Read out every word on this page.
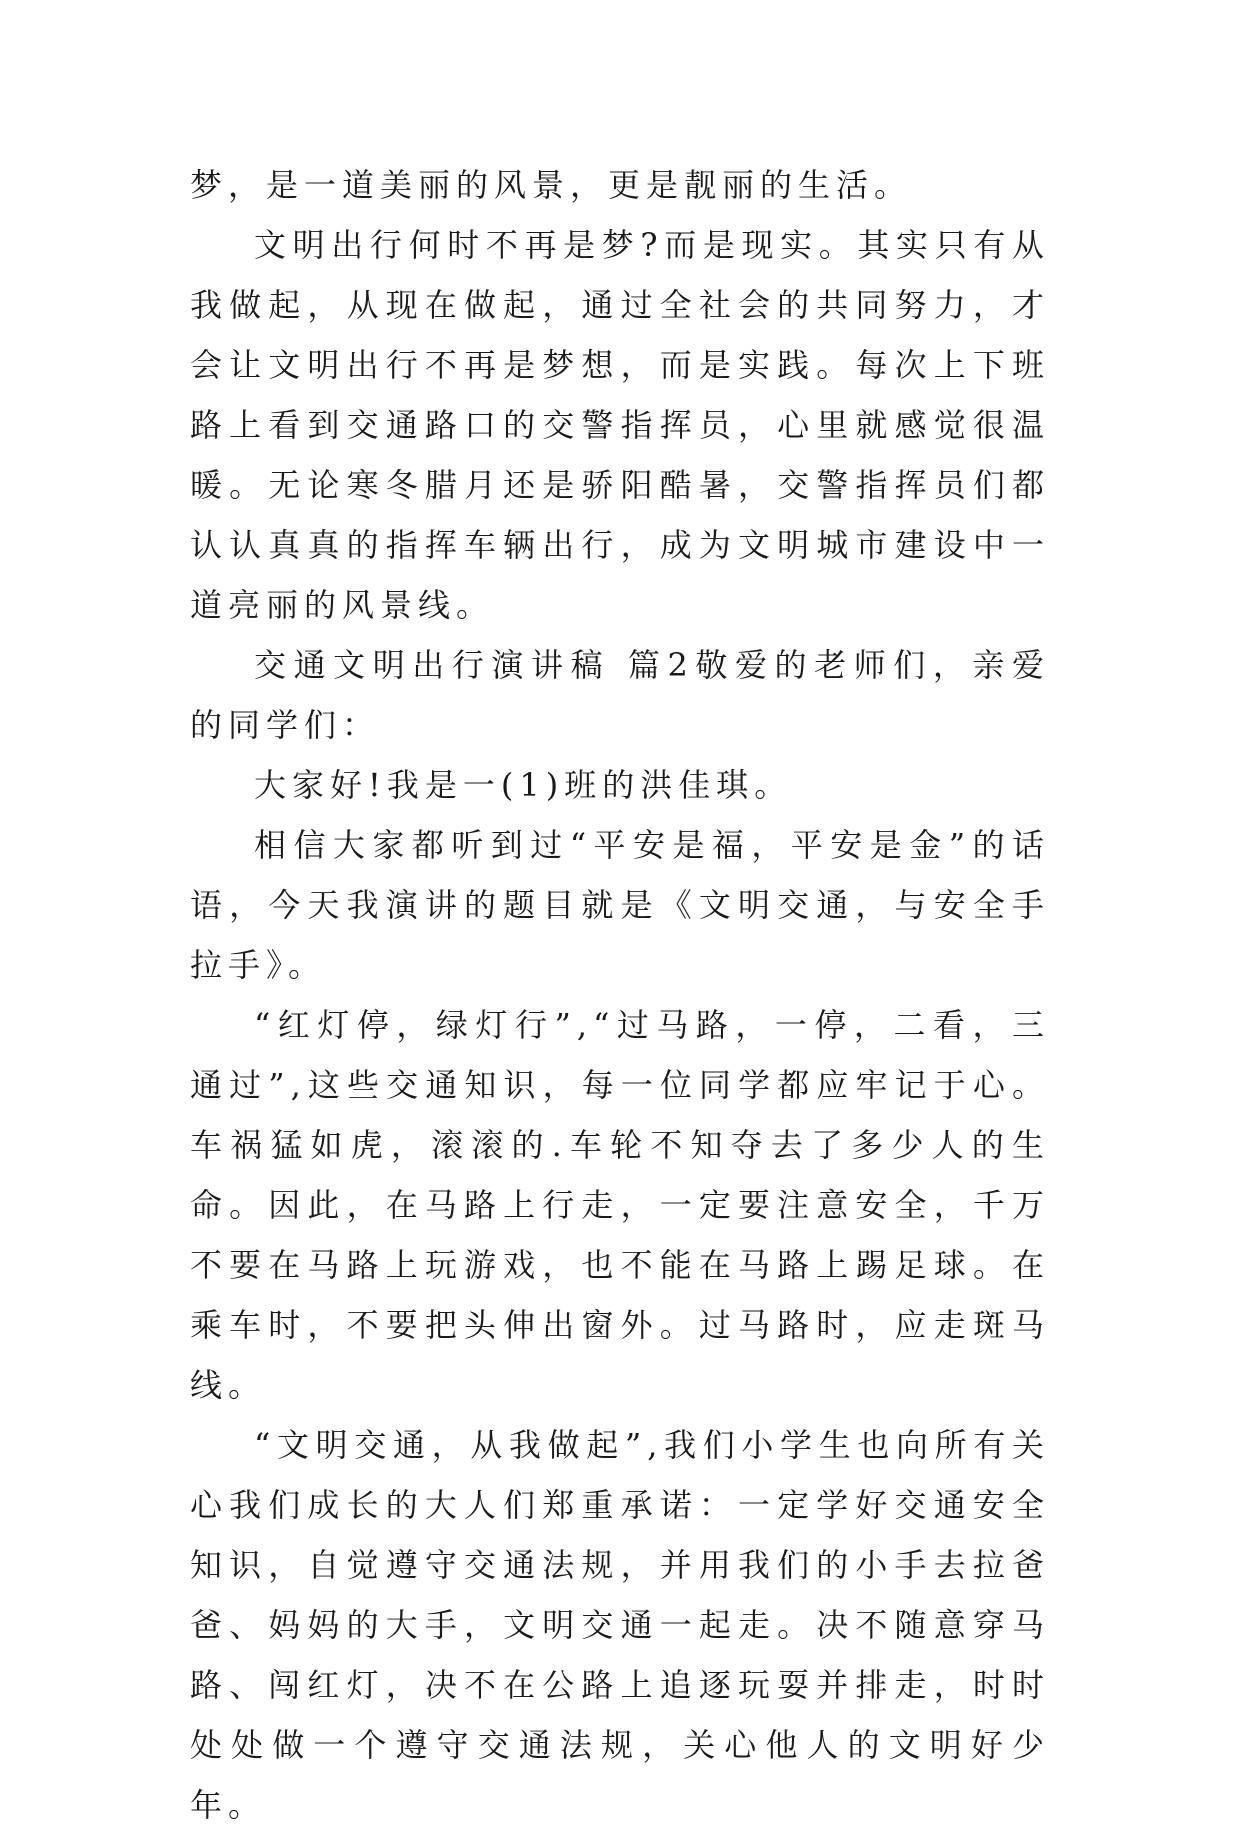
梦，是一道美丽的风景，更是靓丽的生活。

文明出行何时不再是梦?而是现实。其实只有从我做起，从现在做起，通过全社会的共同努力，才会让文明出行不再是梦想，而是实践。每次上下班路上看到交通路口的交警指挥员，心里就感觉很温暖。无论寒冬腊月还是骄阳酷暑，交警指挥员们都认认真真的指挥车辆出行，成为文明城市建设中一道亮丽的风景线。

交通文明出行演讲稿 篇2敬爱的老师们，亲爱的同学们：

大家好!我是一(1)班的洪佳琪。

相信大家都听到过“平安是福，平安是金”的话语，今天我演讲的题目就是《文明交通，与安全手拉手》。

“红灯停，绿灯行”,“过马路，一停，二看，三通过”,这些交通知识，每一位同学都应牢记于心。车祸猛如虎，滚滚的.车轮不知夺去了多少人的生命。因此，在马路上行走，一定要注意安全，千万不要在马路上玩游戏，也不能在马路上踢足球。在乘车时，不要把头伸出窗外。过马路时，应走斑马线。

“文明交通，从我做起”,我们小学生也向所有关心我们成长的大人们郑重承诺：一定学好交通安全知识，自觉遵守交通法规，并用我们的小手去拉爸爸、妈妈的大手，文明交通一起走。决不随意穿马路、闯红灯，决不在公路上追逐玩耍并排走，时时处处做一个遵守交通法规，关心他人的文明好少年。
